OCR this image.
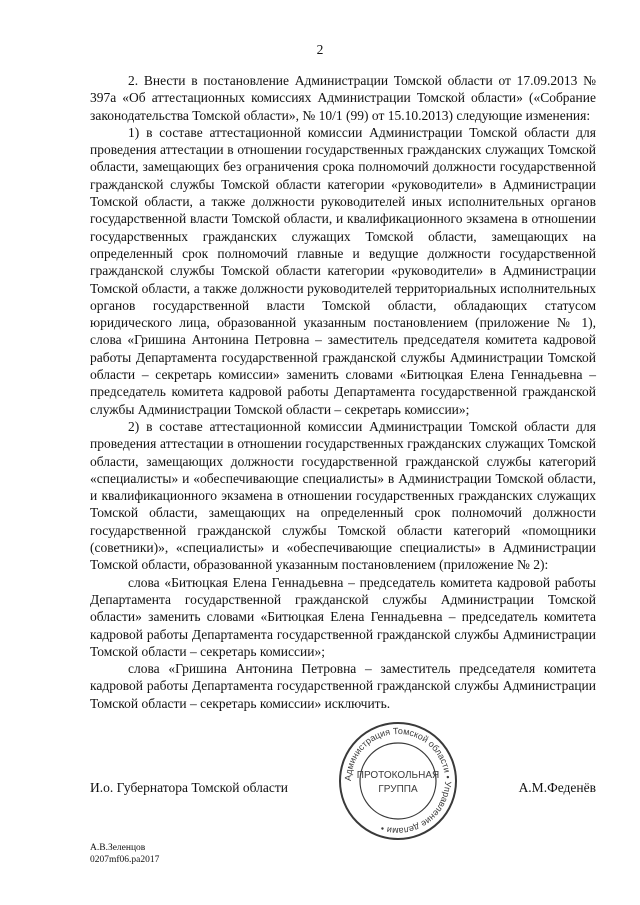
2

2. Внести в постановление Администрации Томской области от 17.09.2013 № 397а «Об аттестационных комиссиях Администрации Томской области» («Собрание законодательства Томской области», № 10/1 (99) от 15.10.2013) следующие изменения:

1) в составе аттестационной комиссии Администрации Томской области для проведения аттестации в отношении государственных гражданских служащих Томской области, замещающих без ограничения срока полномочий должности государственной гражданской службы Томской области категории «руководители» в Администрации Томской области, а также должности руководителей иных исполнительных органов государственной власти Томской области, и квалификационного экзамена в отношении государственных гражданских служащих Томской области, замещающих на определенный срок полномочий главные и ведущие должности государственной гражданской службы Томской области категории «руководители» в Администрации Томской области, а также должности руководителей территориальных исполнительных органов государственной власти Томской области, обладающих статусом юридического лица, образованной указанным постановлением (приложение № 1), слова «Гришина Антонина Петровна – заместитель председателя комитета кадровой работы Департамента государственной гражданской службы Администрации Томской области – секретарь комиссии» заменить словами «Битюцкая Елена Геннадьевна – председатель комитета кадровой работы Департамента государственной гражданской службы Администрации Томской области – секретарь комиссии»;

2) в составе аттестационной комиссии Администрации Томской области для проведения аттестации в отношении государственных гражданских служащих Томской области, замещающих должности государственной гражданской службы категорий «специалисты» и «обеспечивающие специалисты» в Администрации Томской области, и квалификационного экзамена в отношении государственных гражданских служащих Томской области, замещающих на определенный срок полномочий должности государственной гражданской службы Томской области категорий «помощники (советники)», «специалисты» и «обеспечивающие специалисты» в Администрации Томской области, образованной указанным постановлением (приложение № 2):

слова «Битюцкая Елена Геннадьевна – председатель комитета кадровой работы Департамента государственной гражданской службы Администрации Томской области» заменить словами «Битюцкая Елена Геннадьевна – председатель комитета кадровой работы Департамента государственной гражданской службы Администрации Томской области – секретарь комиссии»;

слова «Гришина Антонина Петровна – заместитель председателя комитета кадровой работы Департамента государственной гражданской службы Администрации Томской области – секретарь комиссии» исключить.

И.о. Губернатора Томской области	А.М.Феденёв
Администрация Томской области • Управление делами •
ПРОТОКОЛЬНАЯ
ГРУППА
А.В.Зеленцов
0207mf06.ра2017
